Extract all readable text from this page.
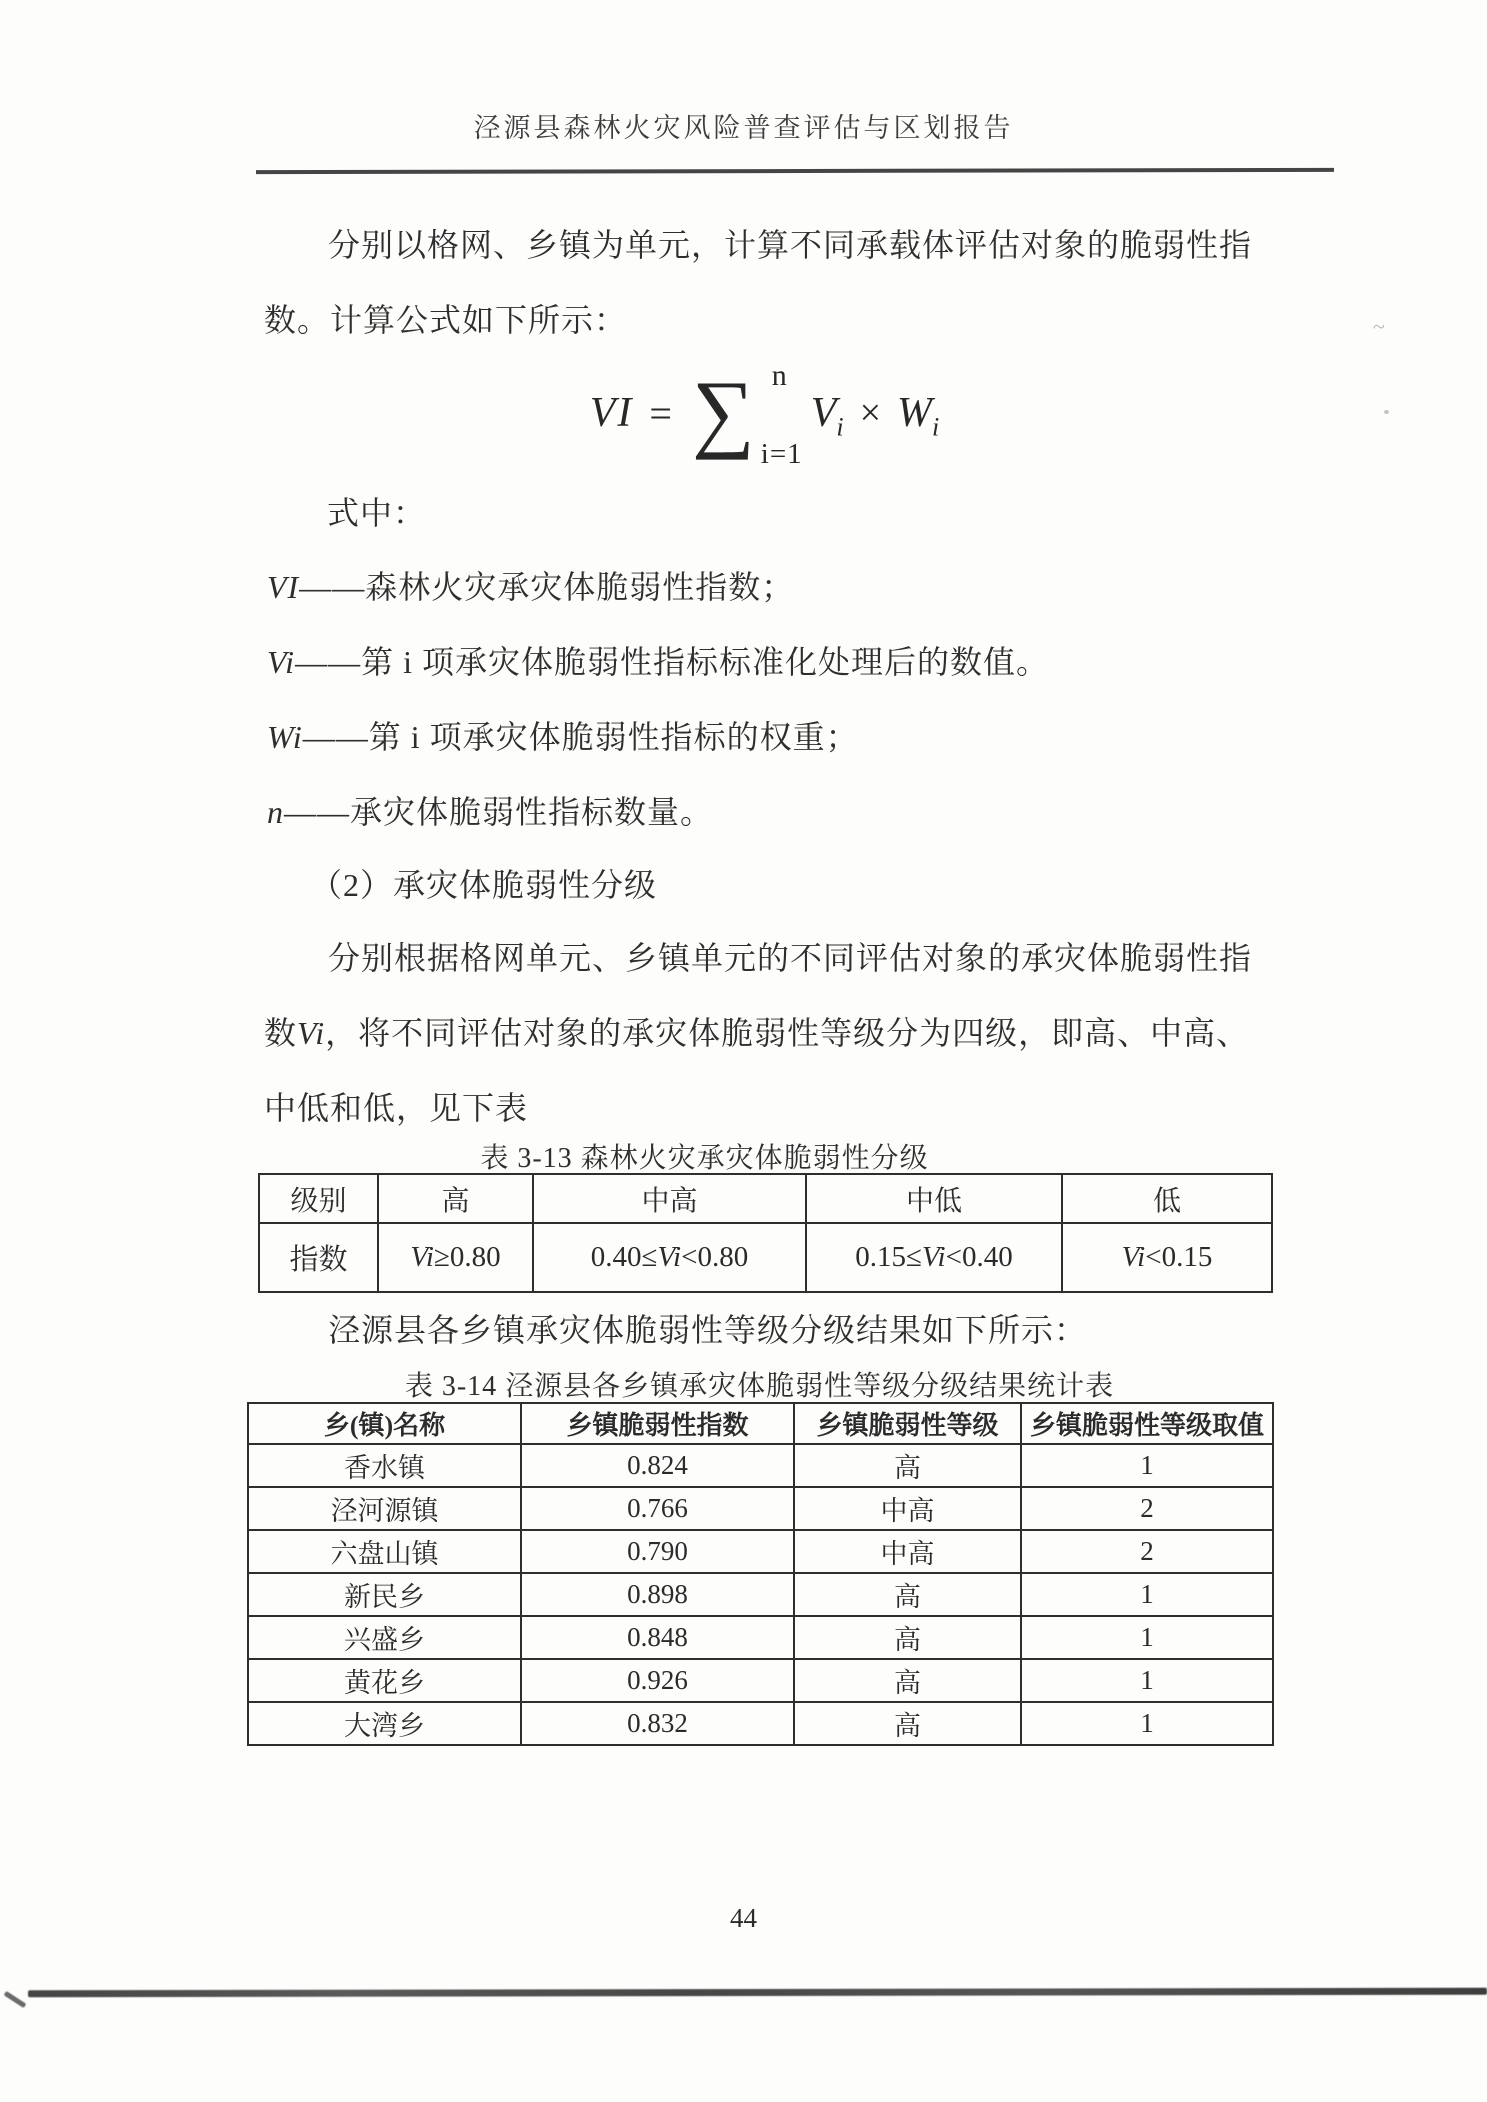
泾源县森林火灾风险普查评估与区划报告
分别以格网、乡镇为单元，计算不同承载体评估对象的脆弱性指
数。计算公式如下所示：
VI = ∑ n
i=1
$V_i \times W_i$
式中：
VI——森林火灾承灾体脆弱性指数；
Vi——第 i 项承灾体脆弱性指标标准化处理后的数值。
Wi——第 i 项承灾体脆弱性指标的权重；
n——承灾体脆弱性指标数量。
（2）承灾体脆弱性分级
分别根据格网单元、乡镇单元的不同评估对象的承灾体脆弱性指
数Vi，将不同评估对象的承灾体脆弱性等级分为四级，即高、中高、
中低和低，见下表
表 3-13 森林火灾承灾体脆弱性分级
级别	高	中高	中低	低
指数	Vi≥0.80	0.40≤Vi<0.80	0.15≤Vi<0.40	Vi<0.15
泾源县各乡镇承灾体脆弱性等级分级结果如下所示：
表 3-14 泾源县各乡镇承灾体脆弱性等级分级结果统计表
乡(镇)名称	乡镇脆弱性指数	乡镇脆弱性等级	乡镇脆弱性等级取值
香水镇	0.824	高	1
泾河源镇	0.766	中高	2
六盘山镇	0.790	中高	2
新民乡	0.898	高	1
兴盛乡	0.848	高	1
黄花乡	0.926	高	1
大湾乡	0.832	高	1
44
~
